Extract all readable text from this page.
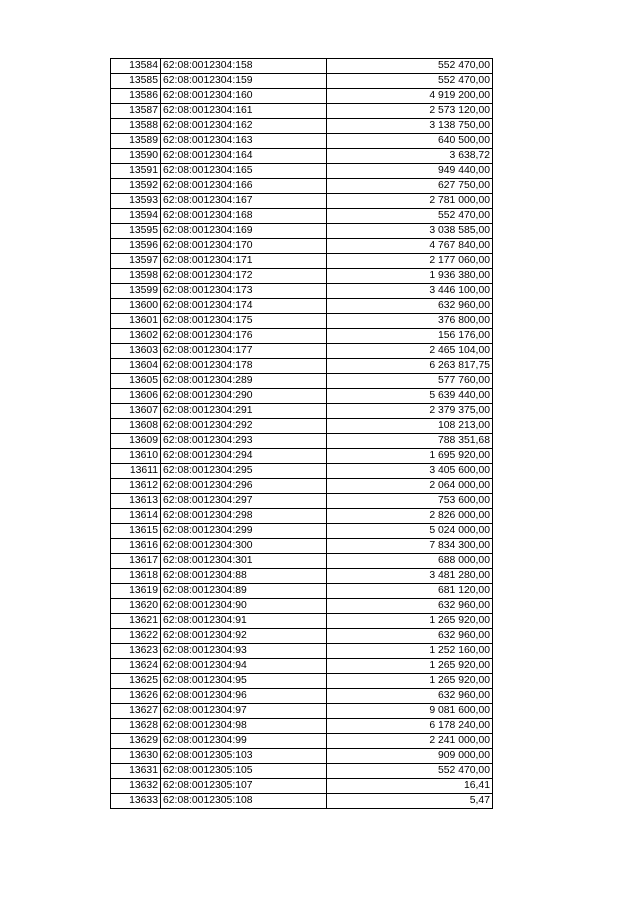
13584	62:08:0012304:158	552 470,00
13585	62:08:0012304:159	552 470,00
13586	62:08:0012304:160	4 919 200,00
13587	62:08:0012304:161	2 573 120,00
13588	62:08:0012304:162	3 138 750,00
13589	62:08:0012304:163	640 500,00
13590	62:08:0012304:164	3 638,72
13591	62:08:0012304:165	949 440,00
13592	62:08:0012304:166	627 750,00
13593	62:08:0012304:167	2 781 000,00
13594	62:08:0012304:168	552 470,00
13595	62:08:0012304:169	3 038 585,00
13596	62:08:0012304:170	4 767 840,00
13597	62:08:0012304:171	2 177 060,00
13598	62:08:0012304:172	1 936 380,00
13599	62:08:0012304:173	3 446 100,00
13600	62:08:0012304:174	632 960,00
13601	62:08:0012304:175	376 800,00
13602	62:08:0012304:176	156 176,00
13603	62:08:0012304:177	2 465 104,00
13604	62:08:0012304:178	6 263 817,75
13605	62:08:0012304:289	577 760,00
13606	62:08:0012304:290	5 639 440,00
13607	62:08:0012304:291	2 379 375,00
13608	62:08:0012304:292	108 213,00
13609	62:08:0012304:293	788 351,68
13610	62:08:0012304:294	1 695 920,00
13611	62:08:0012304:295	3 405 600,00
13612	62:08:0012304:296	2 064 000,00
13613	62:08:0012304:297	753 600,00
13614	62:08:0012304:298	2 826 000,00
13615	62:08:0012304:299	5 024 000,00
13616	62:08:0012304:300	7 834 300,00
13617	62:08:0012304:301	688 000,00
13618	62:08:0012304:88	3 481 280,00
13619	62:08:0012304:89	681 120,00
13620	62:08:0012304:90	632 960,00
13621	62:08:0012304:91	1 265 920,00
13622	62:08:0012304:92	632 960,00
13623	62:08:0012304:93	1 252 160,00
13624	62:08:0012304:94	1 265 920,00
13625	62:08:0012304:95	1 265 920,00
13626	62:08:0012304:96	632 960,00
13627	62:08:0012304:97	9 081 600,00
13628	62:08:0012304:98	6 178 240,00
13629	62:08:0012304:99	2 241 000,00
13630	62:08:0012305:103	909 000,00
13631	62:08:0012305:105	552 470,00
13632	62:08:0012305:107	16,41
13633	62:08:0012305:108	5,47
